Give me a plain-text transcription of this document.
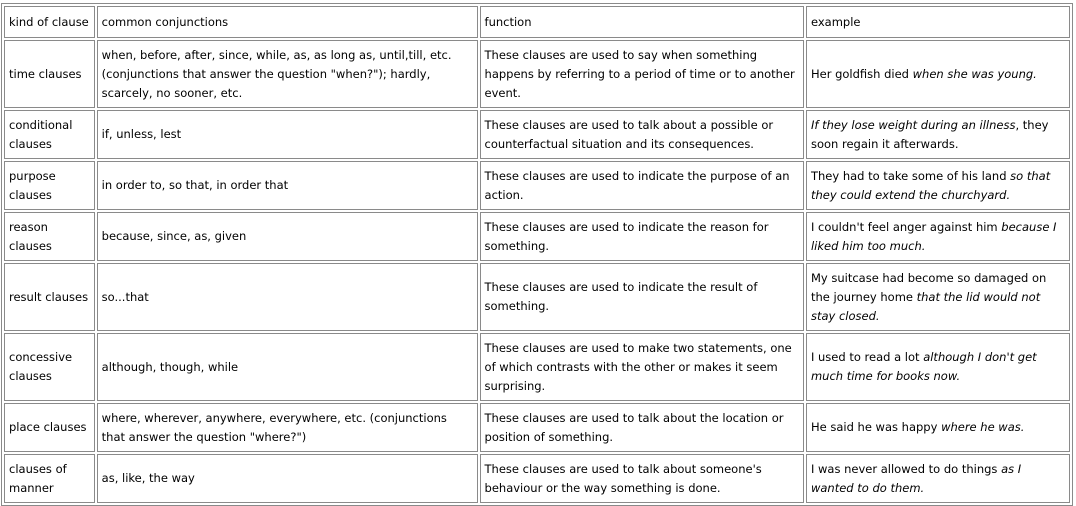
kind of clause	common conjunctions	function	example
time clauses	when, before, after, since, while, as, as long as, until,till, etc. (conjunctions that answer the question "when?"); hardly, scarcely, no sooner, etc.	These clauses are used to say when something happens by referring to a period of time or to another event.	Her goldfish died when she was young.
conditional clauses	if, unless, lest	These clauses are used to talk about a possible or counterfactual situation and its consequences.	If they lose weight during an illness, they soon regain it afterwards.
purpose clauses	in order to, so that, in order that	These clauses are used to indicate the purpose of an action.	They had to take some of his land so that they could extend the churchyard.
reason clauses	because, since, as, given	These clauses are used to indicate the reason for something.	I couldn't feel anger against him because I liked him too much.
result clauses	so...that	These clauses are used to indicate the result of something.	My suitcase had become so damaged on the journey home that the lid would not stay closed.
concessive clauses	although, though, while	These clauses are used to make two statements, one of which contrasts with the other or makes it seem surprising.	I used to read a lot although I don't get much time for books now.
place clauses	where, wherever, anywhere, everywhere, etc. (conjunctions that answer the question "where?")	These clauses are used to talk about the location or position of something.	He said he was happy where he was.
clauses of manner	as, like, the way	These clauses are used to talk about someone's behaviour or the way something is done.	I was never allowed to do things as I wanted to do them.
